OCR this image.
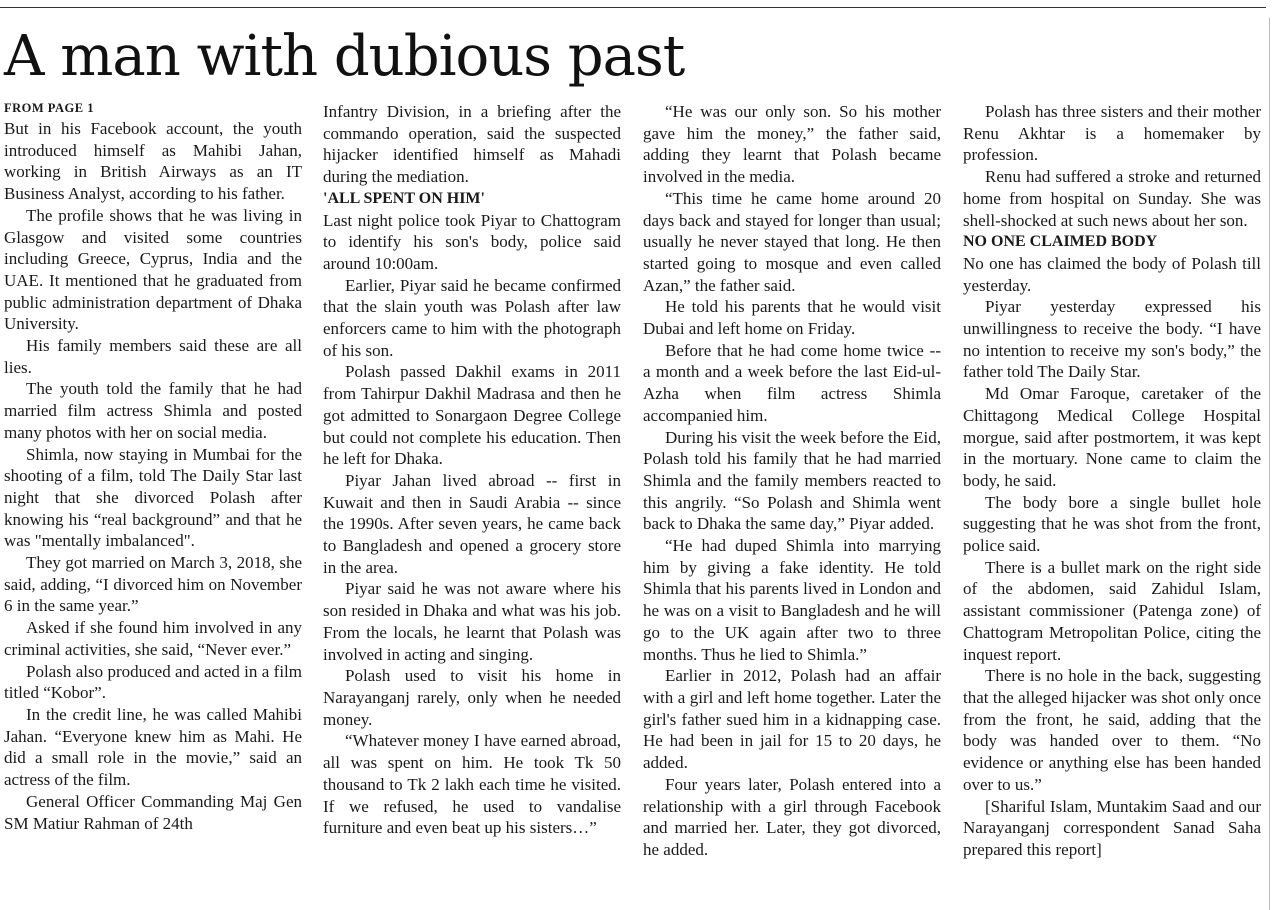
A man with dubious past
FROM PAGE 1

But in his Facebook account, the youth introduced himself as Mahibi Jahan, working in British Airways as an IT Business Analyst, according to his father.

The profile shows that he was living in Glasgow and visited some countries including Greece, Cyprus, India and the UAE. It mentioned that he graduated from public administration department of Dhaka University.

His family members said these are all lies.

The youth told the family that he had married film actress Shimla and posted many photos with her on social media.

Shimla, now staying in Mumbai for the shooting of a film, told The Daily Star last night that she divorced Polash after knowing his “real background” and that he was "mentally imbalanced".

They got married on March 3, 2018, she said, adding, “I divorced him on November 6 in the same year.”

Asked if she found him involved in any criminal activities, she said, “Never ever.”

Polash also produced and acted in a film titled “Kobor”.

In the credit line, he was called Mahibi Jahan. “Everyone knew him as Mahi. He did a small role in the movie,” said an actress of the film.

General Officer Commanding Maj Gen SM Matiur Rahman of 24th

Infantry Division, in a briefing after the commando operation, said the suspected hijacker identified himself as Mahadi during the mediation.

'ALL SPENT ON HIM'

Last night police took Piyar to Chattogram to identify his son's body, police said around 10:00am.

Earlier, Piyar said he became confirmed that the slain youth was Polash after law enforcers came to him with the photograph of his son.

Polash passed Dakhil exams in 2011 from Tahirpur Dakhil Madrasa and then he got admitted to Sonargaon Degree College but could not complete his education. Then he left for Dhaka.

Piyar Jahan lived abroad -- first in Kuwait and then in Saudi Arabia -- since the 1990s. After seven years, he came back to Bangladesh and opened a grocery store in the area.

Piyar said he was not aware where his son resided in Dhaka and what was his job. From the locals, he learnt that Polash was involved in acting and singing.

Polash used to visit his home in Narayanganj rarely, only when he needed money.

“Whatever money I have earned abroad, all was spent on him. He took Tk 50 thousand to Tk 2 lakh each time he visited. If we refused, he used to vandalise furniture and even beat up his sisters…”

“He was our only son. So his mother gave him the money,” the father said, adding they learnt that Polash became involved in the media.

“This time he came home around 20 days back and stayed for longer than usual; usually he never stayed that long. He then started going to mosque and even called Azan,” the father said.

He told his parents that he would visit Dubai and left home on Friday.

Before that he had come home twice -- a month and a week before the last Eid-ul-Azha when film actress Shimla accompanied him.

During his visit the week before the Eid, Polash told his family that he had married Shimla and the family members reacted to this angrily. “So Polash and Shimla went back to Dhaka the same day,” Piyar added.

“He had duped Shimla into marrying him by giving a fake identity. He told Shimla that his parents lived in London and he was on a visit to Bangladesh and he will go to the UK again after two to three months. Thus he lied to Shimla.”

Earlier in 2012, Polash had an affair with a girl and left home together. Later the girl's father sued him in a kidnapping case. He had been in jail for 15 to 20 days, he added.

Four years later, Polash entered into a relationship with a girl through Facebook and married her. Later, they got divorced, he added.

Polash has three sisters and their mother Renu Akhtar is a homemaker by profession.

Renu had suffered a stroke and returned home from hospital on Sunday. She was shell-shocked at such news about her son.

NO ONE CLAIMED BODY

No one has claimed the body of Polash till yesterday.

Piyar yesterday expressed his unwillingness to receive the body. “I have no intention to receive my son's body,” the father told The Daily Star.

Md Omar Faroque, caretaker of the Chittagong Medical College Hospital morgue, said after postmortem, it was kept in the mortuary. None came to claim the body, he said.

The body bore a single bullet hole suggesting that he was shot from the front, police said.

There is a bullet mark on the right side of the abdomen, said Zahidul Islam, assistant commissioner (Patenga zone) of Chattogram Metropolitan Police, citing the inquest report.

There is no hole in the back, suggesting that the alleged hijacker was shot only once from the front, he said, adding that the body was handed over to them. “No evidence or anything else has been handed over to us.”

[Shariful Islam, Muntakim Saad and our Narayanganj correspondent Sanad Saha prepared this report]
